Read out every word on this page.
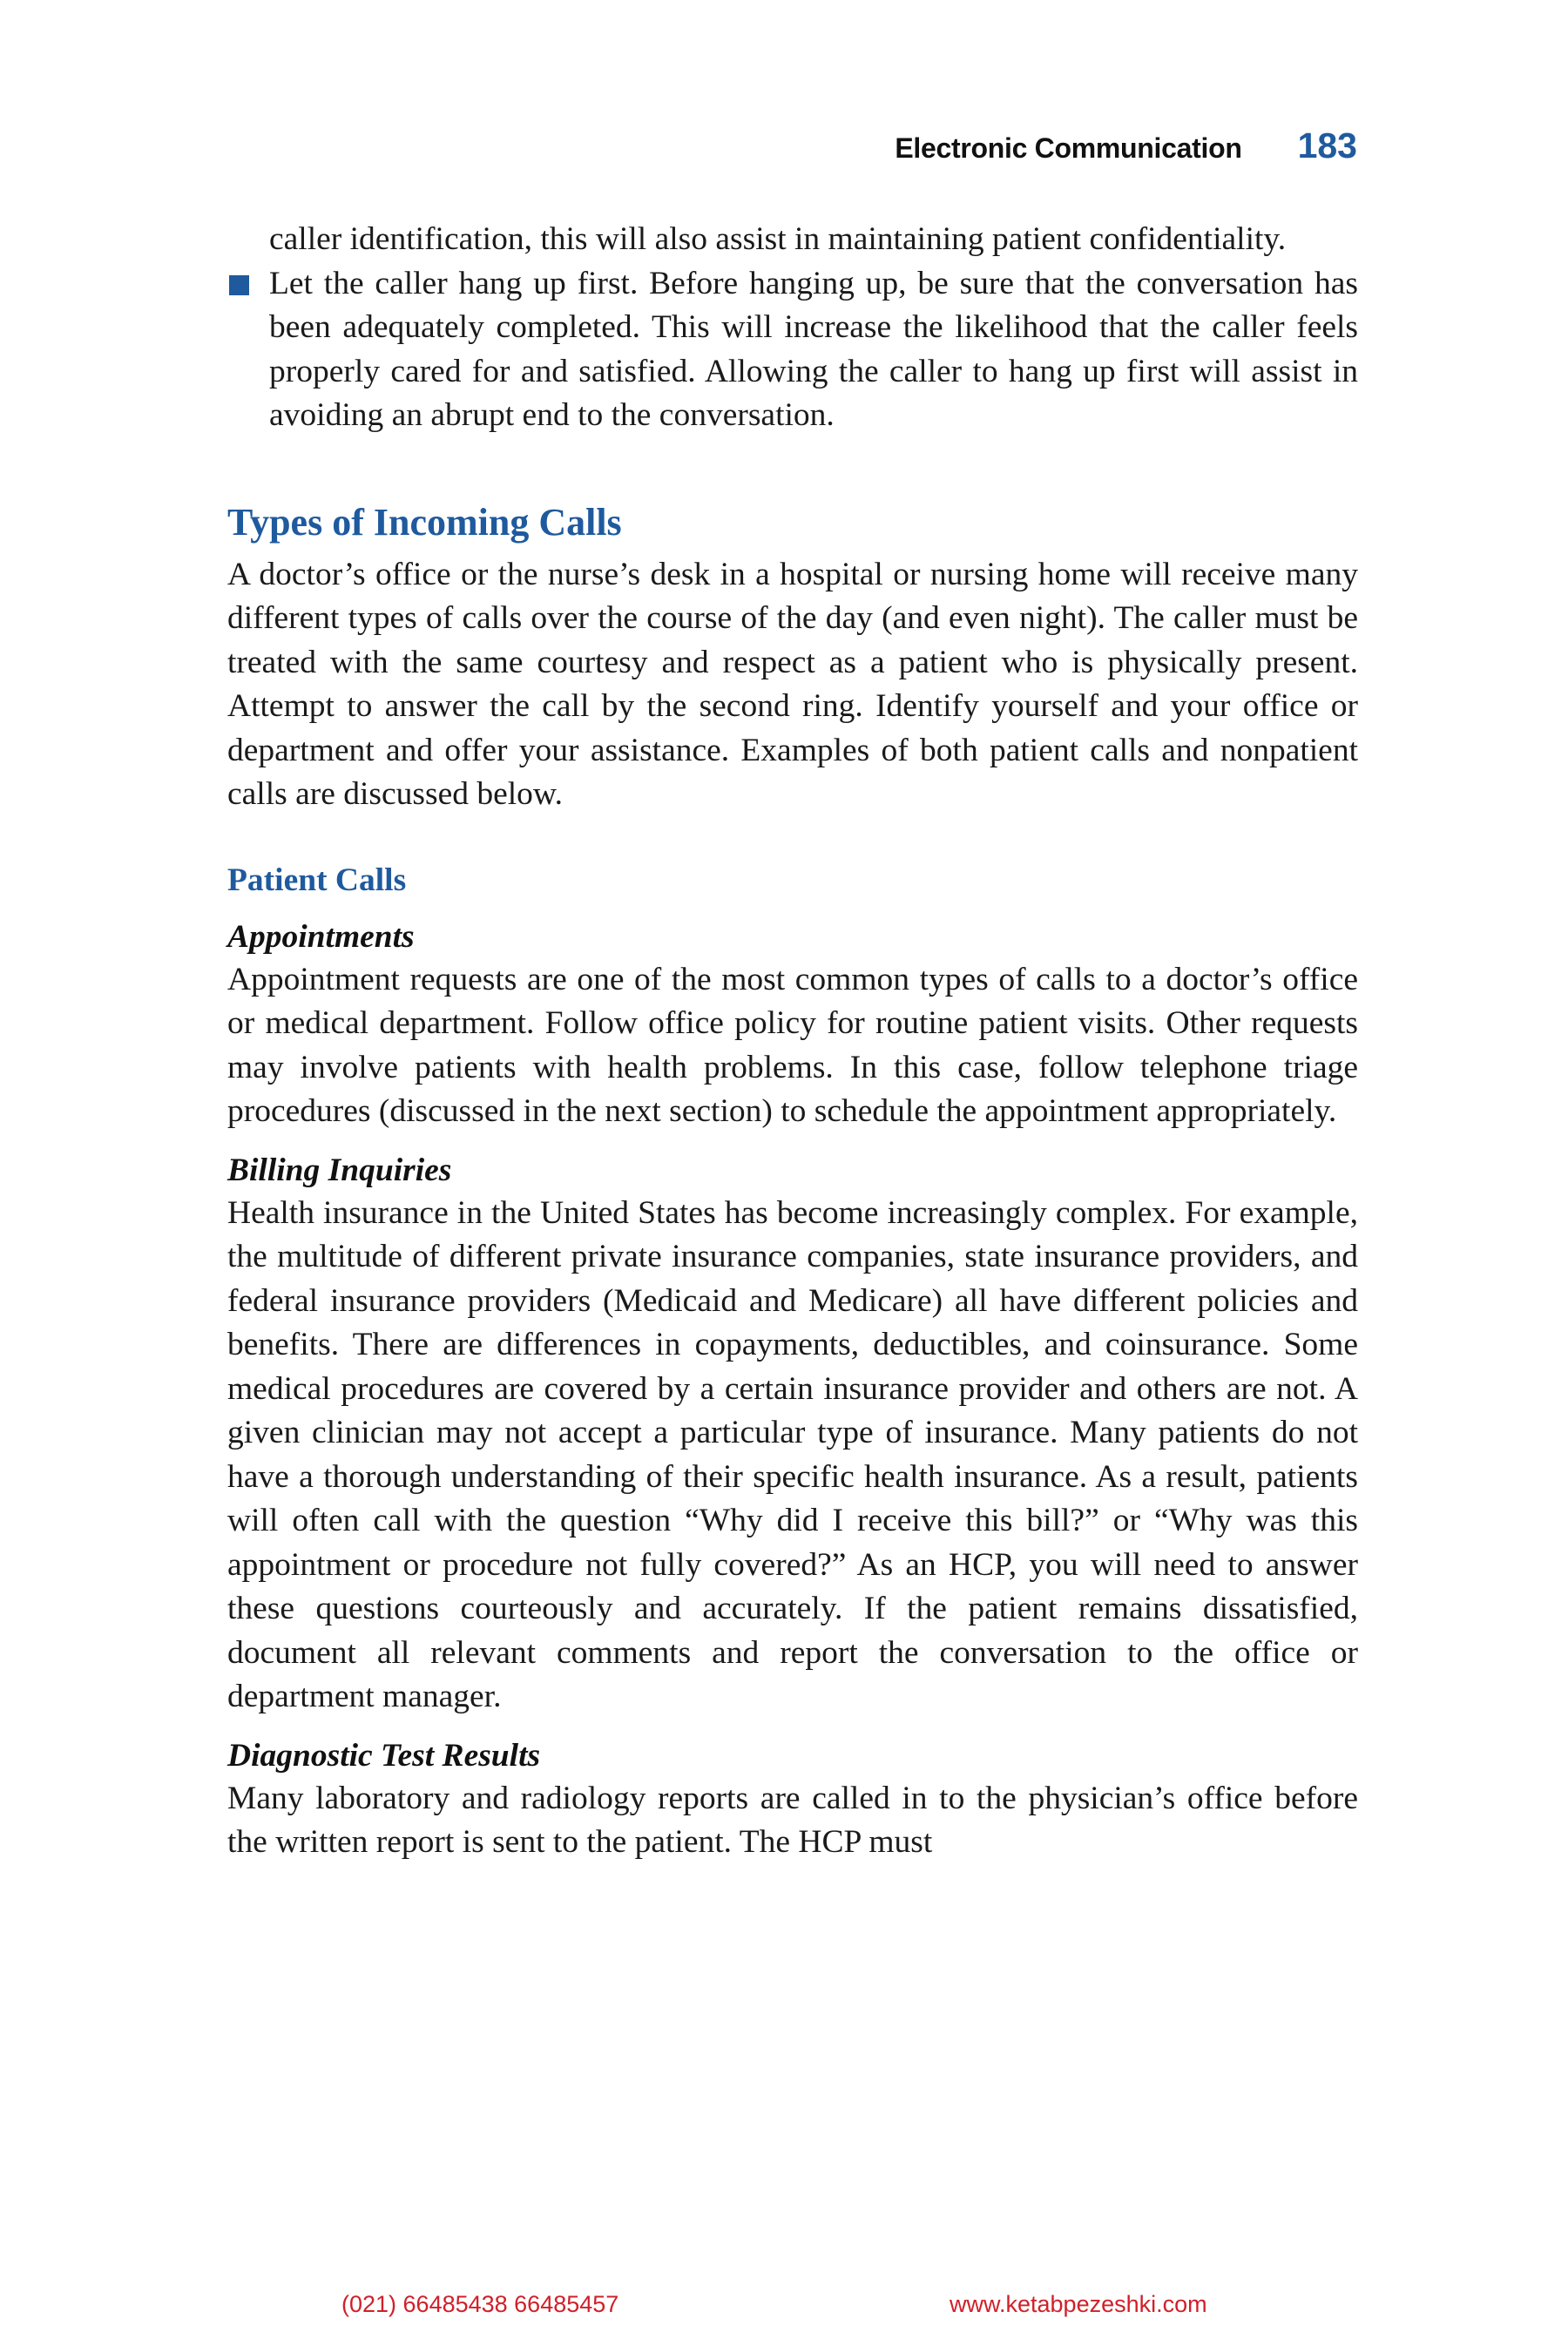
Electronic Communication 183

caller identification, this will also assist in maintaining patient confidentiality.

Let the caller hang up first. Before hanging up, be sure that the conversation has been adequately completed. This will increase the likelihood that the caller feels properly cared for and satisfied. Allowing the caller to hang up first will assist in avoiding an abrupt end to the conversation.

Types of Incoming Calls

A doctor’s office or the nurse’s desk in a hospital or nursing home will receive many different types of calls over the course of the day (and even night). The caller must be treated with the same courtesy and respect as a patient who is physically present. Attempt to answer the call by the second ring. Identify yourself and your office or department and offer your assistance. Examples of both patient calls and nonpatient calls are discussed below.

Patient Calls
Appointments

Appointment requests are one of the most common types of calls to a doctor’s office or medical department. Follow office policy for routine patient visits. Other requests may involve patients with health problems. In this case, follow telephone triage procedures (discussed in the next section) to schedule the appointment appropriately.

Billing Inquiries

Health insurance in the United States has become increasingly complex. For example, the multitude of different private insurance companies, state insurance providers, and federal insurance providers (Medicaid and Medicare) all have different policies and benefits. There are differences in copayments, deductibles, and coinsurance. Some medical procedures are covered by a certain insurance provider and others are not. A given clinician may not accept a particular type of insurance. Many patients do not have a thorough understanding of their specific health insurance. As a result, patients will often call with the question “Why did I receive this bill?” or “Why was this appointment or procedure not fully covered?” As an HCP, you will need to answer these questions courteously and accurately. If the patient remains dissatisfied, document all relevant comments and report the conversation to the office or department manager.

Diagnostic Test Results

Many laboratory and radiology reports are called in to the physician’s office before the written report is sent to the patient. The HCP must

(021) 66485438 66485457	www.ketabpezeshki.com
